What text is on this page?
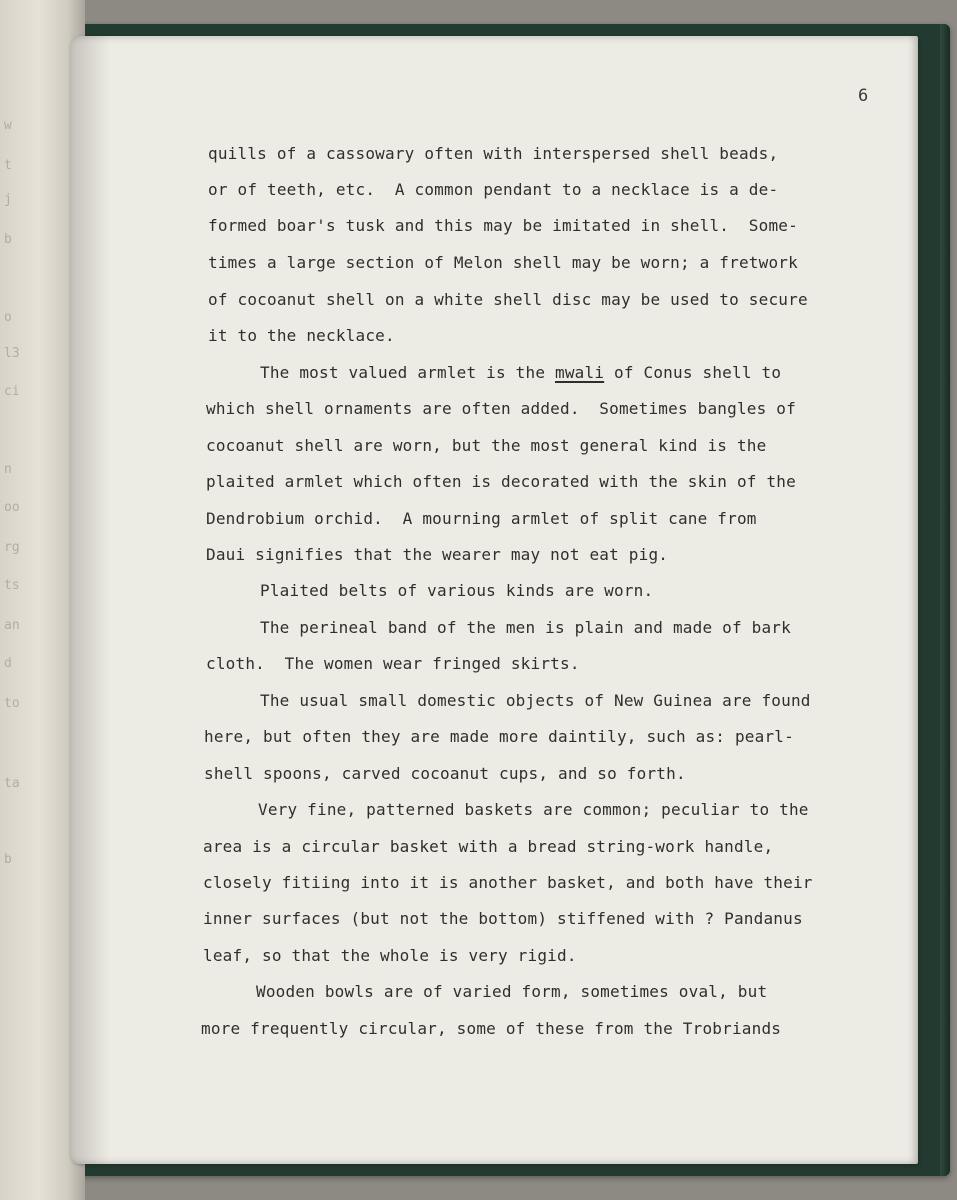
w
t
j
b
o
l3
ci
n
oo
rg
ts
an
d
to
ta
b
6
quills of a cassowary often with interspersed shell beads,
or of teeth, etc.  A common pendant to a necklace is a de-
formed boar's tusk and this may be imitated in shell.  Some-
times a large section of Melon shell may be worn; a fretwork
of cocoanut shell on a white shell disc may be used to secure
it to the necklace.
The most valued armlet is the mwali of Conus shell to
which shell ornaments are often added.  Sometimes bangles of
cocoanut shell are worn, but the most general kind is the
plaited armlet which often is decorated with the skin of the
Dendrobium orchid.  A mourning armlet of split cane from
Daui signifies that the wearer may not eat pig.
Plaited belts of various kinds are worn.
The perineal band of the men is plain and made of bark
cloth.  The women wear fringed skirts.
The usual small domestic objects of New Guinea are found
here, but often they are made more daintily, such as: pearl-
shell spoons, carved cocoanut cups, and so forth.
Very fine, patterned baskets are common; peculiar to the
area is a circular basket with a bread string-work handle,
closely fitiing into it is another basket, and both have their
inner surfaces (but not the bottom) stiffened with ? Pandanus
leaf, so that the whole is very rigid.
Wooden bowls are of varied form, sometimes oval, but
more frequently circular, some of these from the Trobriands
